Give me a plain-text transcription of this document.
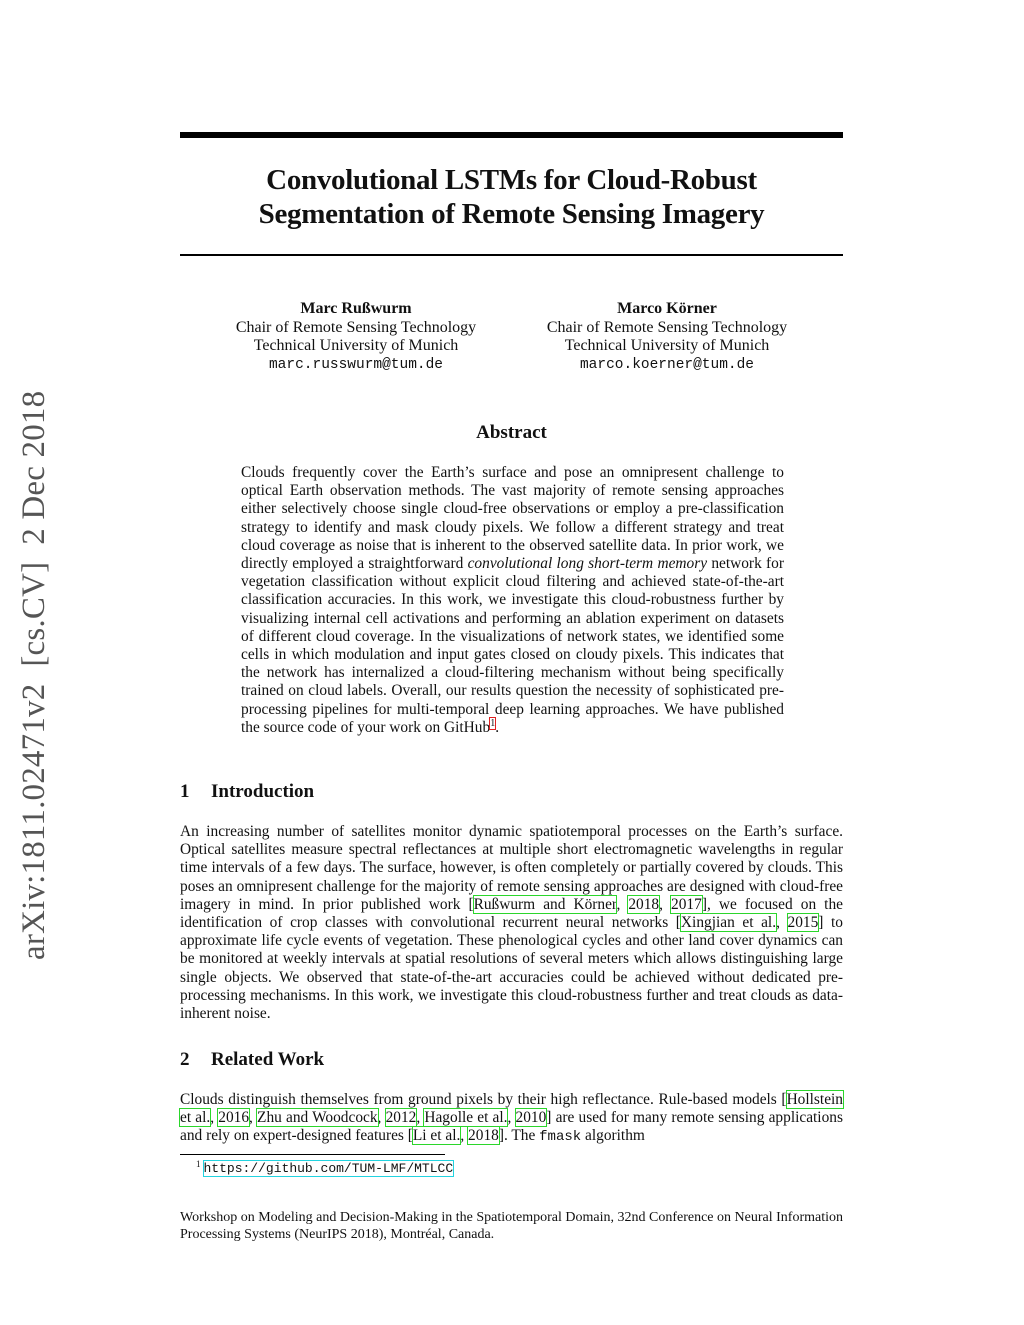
Convolutional LSTMs for Cloud-Robust
Segmentation of Remote Sensing Imagery
Marc Rußwurm
Chair of Remote Sensing Technology
Technical University of Munich
marc.russwurm@tum.de
Marco Körner
Chair of Remote Sensing Technology
Technical University of Munich
marco.koerner@tum.de
arXiv:1811.02471v2  [cs.CV]  2 Dec 2018	Abstract
Clouds frequently cover the Earth’s surface and pose an omnipresent challenge to optical Earth observation methods. The vast majority of remote sensing approaches either selectively choose single cloud-free observations or employ a pre-classification strategy to identify and mask cloudy pixels. We follow a different strategy and treat cloud coverage as noise that is inherent to the observed satellite data. In prior work, we directly employed a straightforward convolutional long short-term memory network for vegetation classification without explicit cloud filtering and achieved state-of-the-art classification accuracies. In this work, we investigate this cloud-robustness further by visualizing internal cell activations and performing an ablation experiment on datasets of different cloud coverage. In the visualizations of network states, we identified some cells in which modulation and input gates closed on cloudy pixels. This indicates that the network has internalized a cloud-filtering mechanism without being specifically trained on cloud labels. Overall, our results question the necessity of sophisticated pre-processing pipelines for multi-temporal deep learning approaches. We have published the source code of your work on GitHub$^1$.
1 Introduction
An increasing number of satellites monitor dynamic spatiotemporal processes on the Earth’s surface. Optical satellites measure spectral reflectances at multiple short electromagnetic wavelengths in regular time intervals of a few days. The surface, however, is often completely or partially covered by clouds. This poses an omnipresent challenge for the majority of remote sensing approaches are designed with cloud-free imagery in mind. In prior published work [Rußwurm and Körner, 2018, 2017], we focused on the identification of crop classes with convolutional recurrent neural networks [Xingjian et al., 2015] to approximate life cycle events of vegetation. These phenological cycles and other land cover dynamics can be monitored at weekly intervals at spatial resolutions of several meters which allows distinguishing large single objects. We observed that state-of-the-art accuracies could be achieved without dedicated pre-processing mechanisms. In this work, we investigate this cloud-robustness further and treat clouds as data-inherent noise.
2 Related Work
Clouds distinguish themselves from ground pixels by their high reflectance. Rule-based models [Hollstein et al., 2016, Zhu and Woodcock, 2012, Hagolle et al., 2010] are used for many remote sensing applications and rely on expert-designed features [Li et al., 2018]. The fmask algorithm
$^1$ https://github.com/TUM-LMF/MTLCC
Workshop on Modeling and Decision-Making in the Spatiotemporal Domain, 32nd Conference on Neural Information Processing Systems (NeurIPS 2018), Montréal, Canada.
